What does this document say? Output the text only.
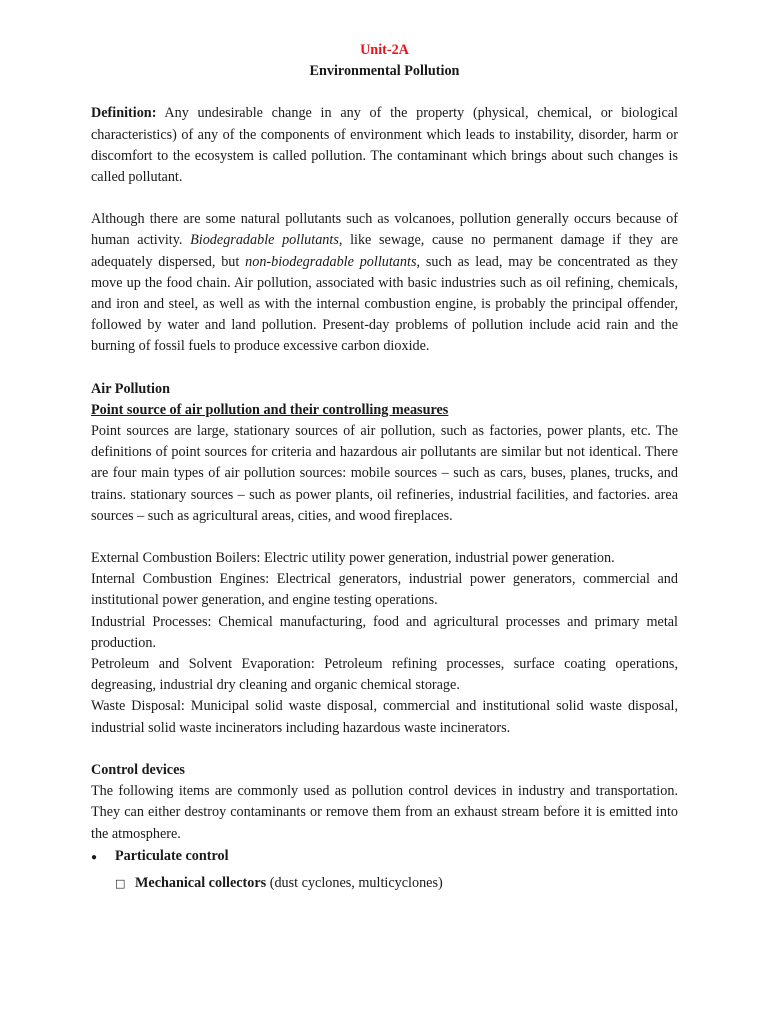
Unit-2A
Environmental Pollution

Definition: Any undesirable change in any of the property (physical, chemical, or biological characteristics) of any of the components of environment which leads to instability, disorder, harm or discomfort to the ecosystem is called pollution. The contaminant which brings about such changes is called pollutant.

Although there are some natural pollutants such as volcanoes, pollution generally occurs because of human activity. Biodegradable pollutants, like sewage, cause no permanent damage if they are adequately dispersed, but non-biodegradable pollutants, such as lead, may be concentrated as they move up the food chain. Air pollution, associated with basic industries such as oil refining, chemicals, and iron and steel, as well as with the internal combustion engine, is probably the principal offender, followed by water and land pollution. Present-day problems of pollution include acid rain and the burning of fossil fuels to produce excessive carbon dioxide.

Air Pollution
Point source of air pollution and their controlling measures

Point sources are large, stationary sources of air pollution, such as factories, power plants, etc. The definitions of point sources for criteria and hazardous air pollutants are similar but not identical. There are four main types of air pollution sources: mobile sources – such as cars, buses, planes, trucks, and trains. stationary sources – such as power plants, oil refineries, industrial facilities, and factories. area sources – such as agricultural areas, cities, and wood fireplaces.

External Combustion Boilers: Electric utility power generation, industrial power generation.

Internal Combustion Engines: Electrical generators, industrial power generators, commercial and institutional power generation, and engine testing operations.

Industrial Processes: Chemical manufacturing, food and agricultural processes and primary metal production.

Petroleum and Solvent Evaporation: Petroleum refining processes, surface coating operations, degreasing, industrial dry cleaning and organic chemical storage.

Waste Disposal: Municipal solid waste disposal, commercial and institutional solid waste disposal, industrial solid waste incinerators including hazardous waste incinerators.

Control devices

The following items are commonly used as pollution control devices in industry and transportation. They can either destroy contaminants or remove them from an exhaust stream before it is emitted into the atmosphere.

●	Particulate control
□ Mechanical collectors (dust cyclones, multicyclones)
